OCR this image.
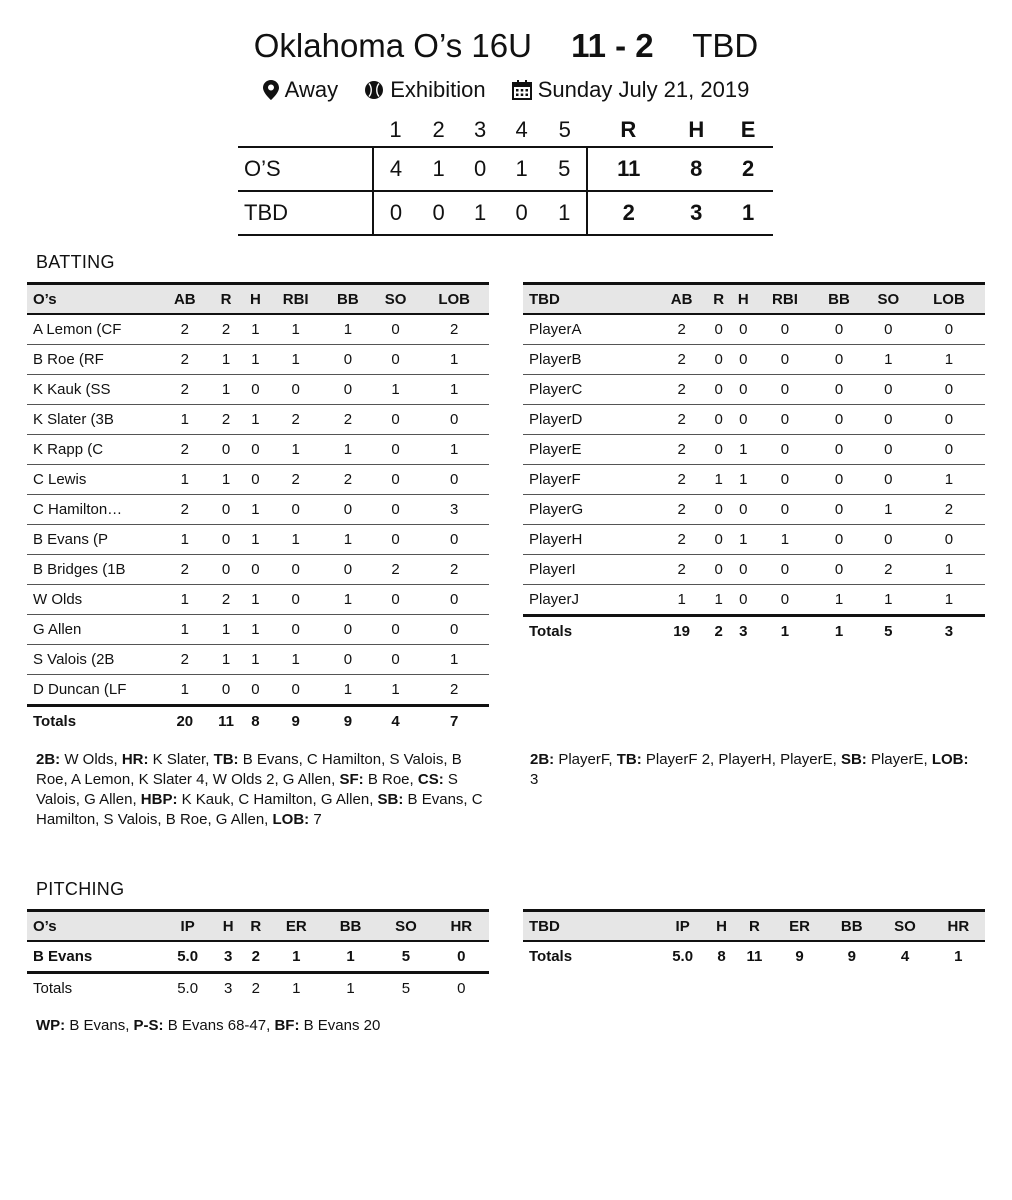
Oklahoma O’s 16U 11 - 2 TBD
Away Exhibition Sunday July 21, 2019
	1	2	3	4	5	R	H	E
O’S	4	1	0	1	5	11	8	2
TBD	0	0	1	0	1	2	3	1
BATTING
O’s	AB	R	H	RBI	BB	SO	LOB
A Lemon (CF	2	2	1	1	1	0	2
B Roe (RF	2	1	1	1	0	0	1
K Kauk (SS	2	1	0	0	0	1	1
K Slater (3B	1	2	1	2	2	0	0
K Rapp (C	2	0	0	1	1	0	1
C Lewis	1	1	0	2	2	0	0
C Hamilton…	2	0	1	0	0	0	3
B Evans (P	1	0	1	1	1	0	0
B Bridges (1B	2	0	0	0	0	2	2
W Olds	1	2	1	0	1	0	0
G Allen	1	1	1	0	0	0	0
S Valois (2B	2	1	1	1	0	0	1
D Duncan (LF	1	0	0	0	1	1	2
Totals	20	11	8	9	9	4	7
TBD	AB	R	H	RBI	BB	SO	LOB
PlayerA	2	0	0	0	0	0	0
PlayerB	2	0	0	0	0	1	1
PlayerC	2	0	0	0	0	0	0
PlayerD	2	0	0	0	0	0	0
PlayerE	2	0	1	0	0	0	0
PlayerF	2	1	1	0	0	0	1
PlayerG	2	0	0	0	0	1	2
PlayerH	2	0	1	1	0	0	0
PlayerI	2	0	0	0	0	2	1
PlayerJ	1	1	0	0	1	1	1
Totals	19	2	3	1	1	5	3
2B: W Olds, HR: K Slater, TB: B Evans, C Hamilton, S Valois, B Roe, A Lemon, K Slater 4, W Olds 2, G Allen, SF: B Roe, CS: S Valois, G Allen, HBP: K Kauk, C Hamilton, G Allen, SB: B Evans, C Hamilton, S Valois, B Roe, G Allen, LOB: 7
2B: PlayerF, TB: PlayerF 2, PlayerH, PlayerE, SB: PlayerE, LOB: 3
PITCHING
O’s	IP	H	R	ER	BB	SO	HR
B Evans	5.0	3	2	1	1	5	0
Totals	5.0	3	2	1	1	5	0
TBD	IP	H	R	ER	BB	SO	HR
Totals	5.0	8	11	9	9	4	1
WP: B Evans, P-S: B Evans 68-47, BF: B Evans 20
